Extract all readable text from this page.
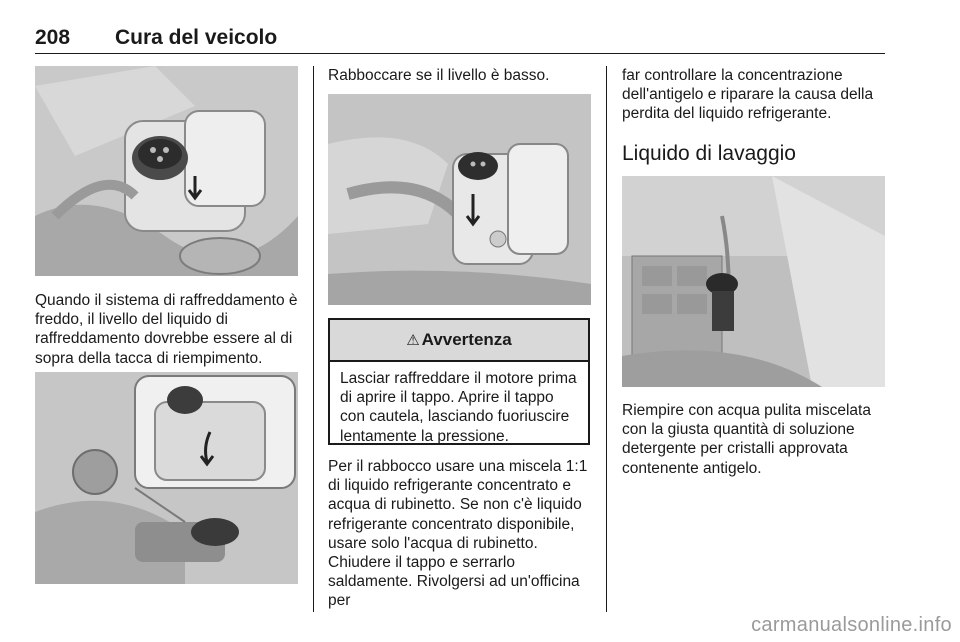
208 Cura del veicolo

Quando il sistema di raffreddamento è freddo, il livello del liquido di raffreddamento dovrebbe essere al di sopra della tacca di riempimento.

Rabboccare se il livello è basso.

⚠ Avvertenza

Lasciar raffreddare il motore prima di aprire il tappo. Aprire il tappo con cautela, lasciando fuoriuscire lentamente la pressione.

Per il rabbocco usare una miscela 1:1 di liquido refrigerante concentrato e acqua di rubinetto. Se non c'è liquido refrigerante concentrato disponibile, usare solo l'acqua di rubinetto. Chiudere il tappo e serrarlo saldamente. Rivolgersi ad un'officina per

far controllare la concentrazione dell'antigelo e riparare la causa della perdita del liquido refrigerante.

Liquido di lavaggio

Riempire con acqua pulita miscelata con la giusta quantità di soluzione detergente per cristalli approvata contenente antigelo.

carmanualsonline.info
